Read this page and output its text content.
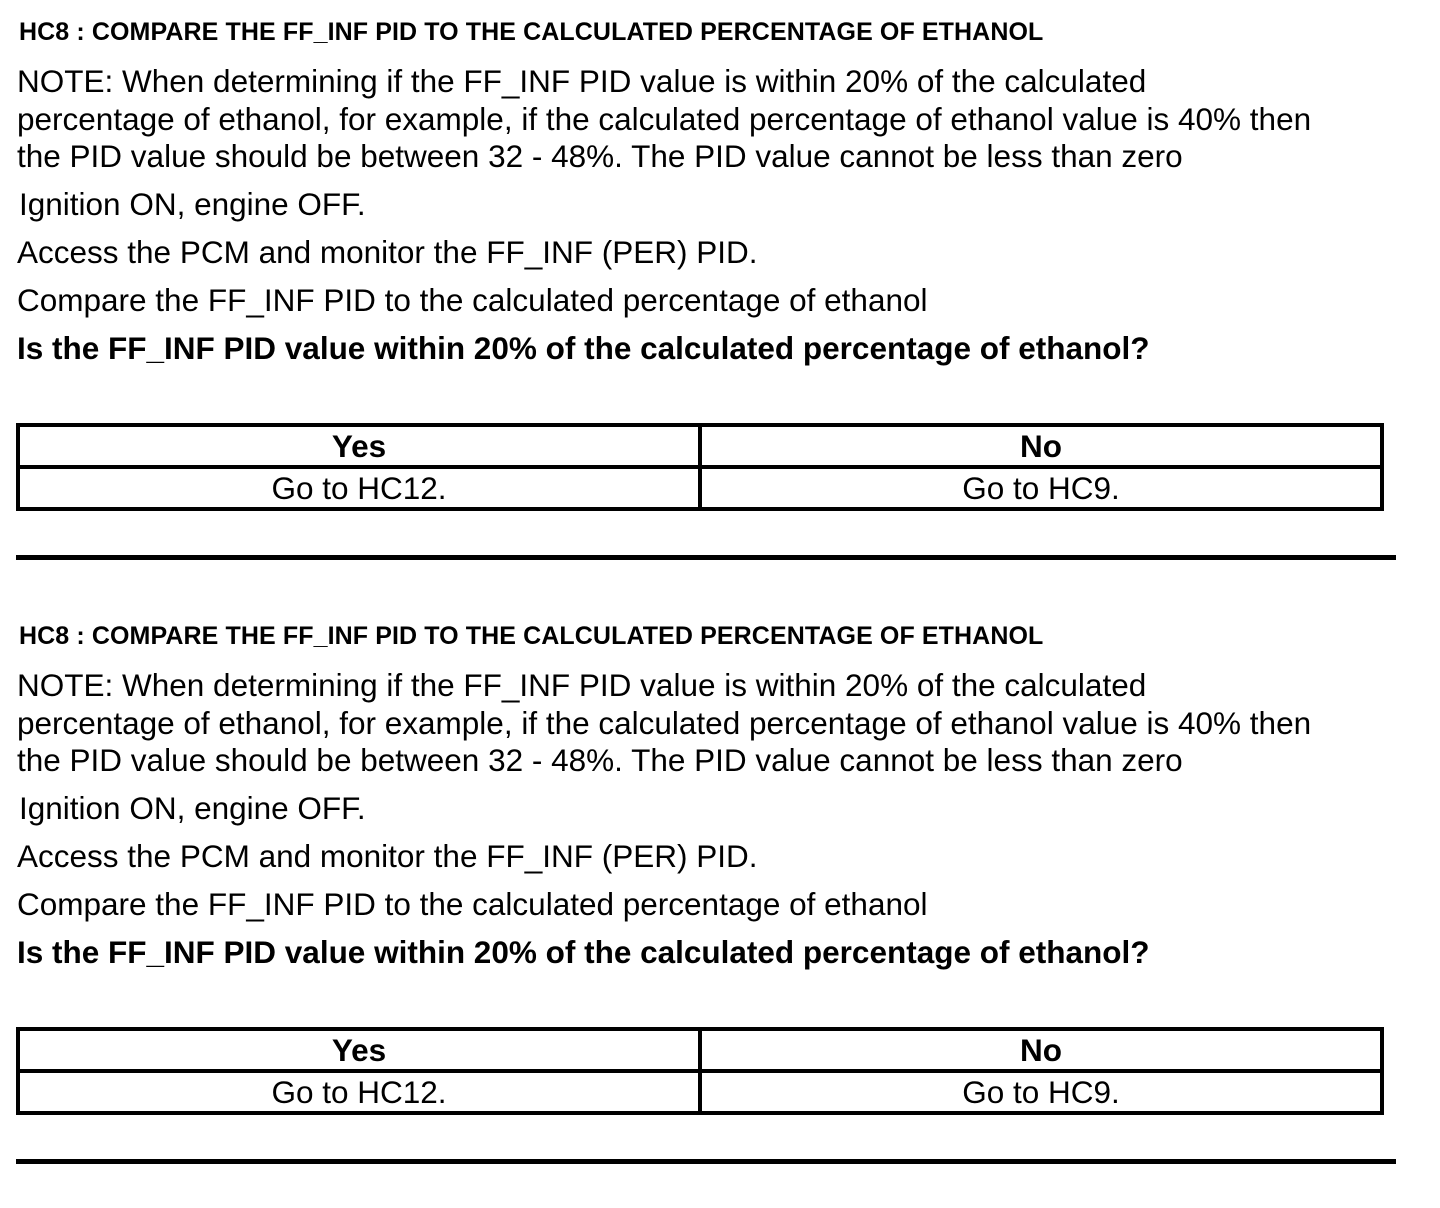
HC8 : COMPARE THE FF_INF PID TO THE CALCULATED PERCENTAGE OF ETHANOL
NOTE: When determining if the FF_INF PID value is within 20% of the calculated
percentage of ethanol, for example, if the calculated percentage of ethanol value is 40% then
the PID value should be between 32 - 48%. The PID value cannot be less than zero
Ignition ON, engine OFF.
Access the PCM and monitor the FF_INF (PER) PID.
Compare the FF_INF PID to the calculated percentage of ethanol
Is the FF_INF PID value within 20% of the calculated percentage of ethanol?
Yes	No
Go to HC12.	Go to HC9.
HC8 : COMPARE THE FF_INF PID TO THE CALCULATED PERCENTAGE OF ETHANOL
NOTE: When determining if the FF_INF PID value is within 20% of the calculated
percentage of ethanol, for example, if the calculated percentage of ethanol value is 40% then
the PID value should be between 32 - 48%. The PID value cannot be less than zero
Ignition ON, engine OFF.
Access the PCM and monitor the FF_INF (PER) PID.
Compare the FF_INF PID to the calculated percentage of ethanol
Is the FF_INF PID value within 20% of the calculated percentage of ethanol?
Yes	No
Go to HC12.	Go to HC9.
